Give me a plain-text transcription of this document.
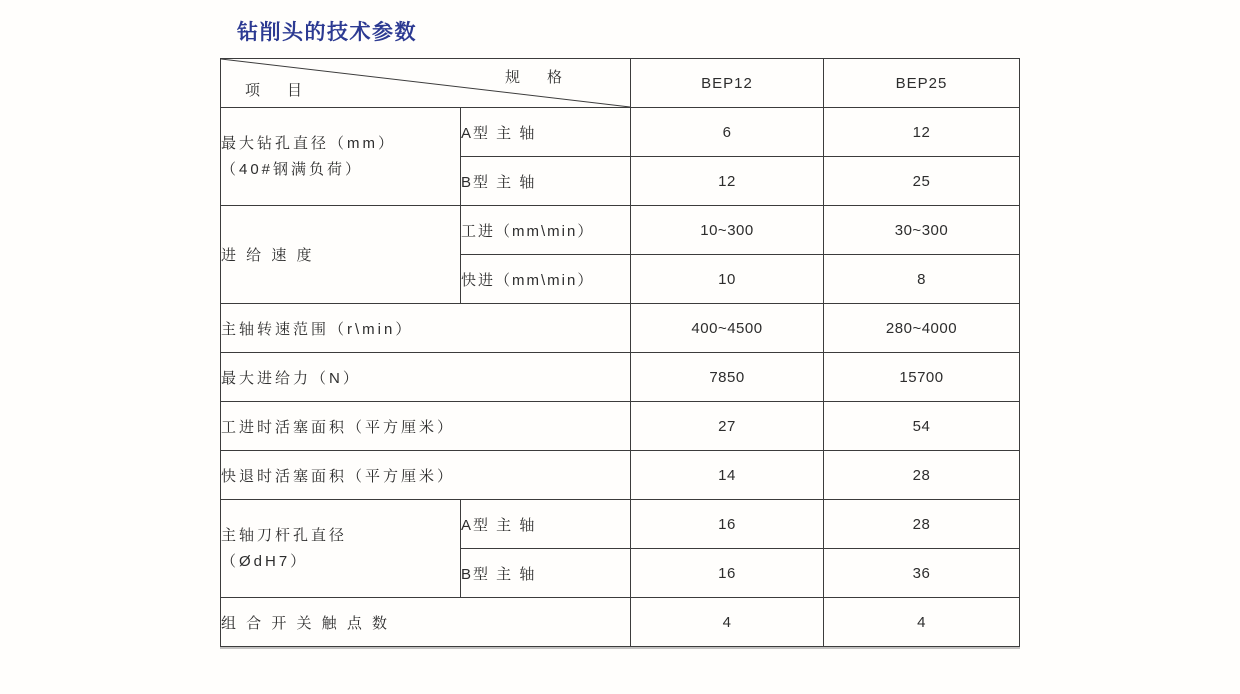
钻削头的技术参数
规　格
项　目		BEP12	BEP25

最大钻孔直径（mm）
（40#钢满负荷）	A型 主 轴	6	12
	B型 主 轴	12	25
进 给 速 度	工进（mm\min）	10~300	30~300
	快进（mm\min）	10	8
主轴转速范围（r\min）		400~4500	280~4000
最大进给力（N）		7850	15700
工进时活塞面积（平方厘米）		27	54
快退时活塞面积（平方厘米）		14	28

主轴刀杆孔直径
（ØdH7）	A型 主 轴	16	28
	B型 主 轴	16	36
组 合 开 关 触 点 数		4	4
